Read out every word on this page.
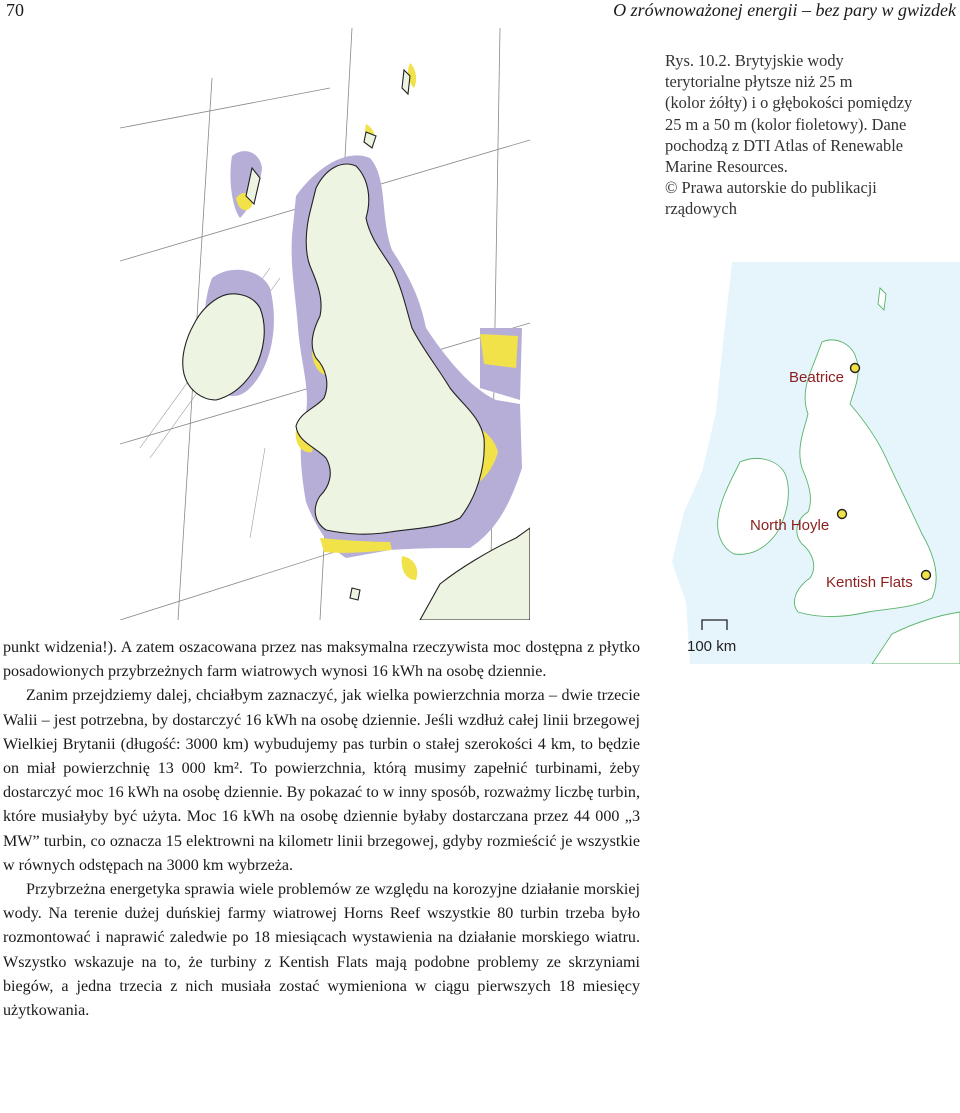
70	O zrównoważonej energii – bez pary w gwizdek

Rys. 10.2. Brytyjskie wody

terytorialne płytsze niż 25 m

(kolor żółty) i o głębokości pomiędzy

25 m a 50 m (kolor fioletowy). Dane

pochodzą z DTI Atlas of Renewable

Marine Resources.

© Prawa autorskie do publikacji

rządowych

Beatrice
North Hoyle
Kentish Flats
100 km

punkt widzenia!). A zatem oszacowana przez nas maksymalna rzeczywista moc dostępna z płytko posadowionych przybrzeżnych farm wiatrowych wynosi 16 kWh na osobę dziennie.

Zanim przejdziemy dalej, chciałbym zaznaczyć, jak wielka powierzchnia morza – dwie trzecie Walii – jest potrzebna, by dostarczyć 16 kWh na osobę dziennie. Jeśli wzdłuż całej linii brzegowej Wielkiej Brytanii (długość: 3000 km) wybudujemy pas turbin o stałej szerokości 4 km, to będzie on miał powierzchnię 13 000 km². To powierzchnia, którą musimy zapełnić turbinami, żeby dostarczyć moc 16 kWh na osobę dziennie. By pokazać to w inny sposób, rozważmy liczbę turbin, które musiałyby być użyta. Moc 16 kWh na osobę dziennie byłaby dostarczana przez 44 000 „3 MW” turbin, co oznacza 15 elektrowni na kilometr linii brzegowej, gdyby rozmieścić je wszystkie w równych odstępach na 3000 km wybrzeża.

Przybrzeżna energetyka sprawia wiele problemów ze względu na korozyjne działanie morskiej wody. Na terenie dużej duńskiej farmy wiatrowej Horns Reef wszystkie 80 turbin trzeba było rozmontować i naprawić zaledwie po 18 miesiącach wystawienia na działanie morskiego wiatru. Wszystko wskazuje na to, że turbiny z Kentish Flats mają podobne problemy ze skrzyniami biegów, a jedna trzecia z nich musiała zostać wymieniona w ciągu pierwszych 18 miesięcy użytkowania.
